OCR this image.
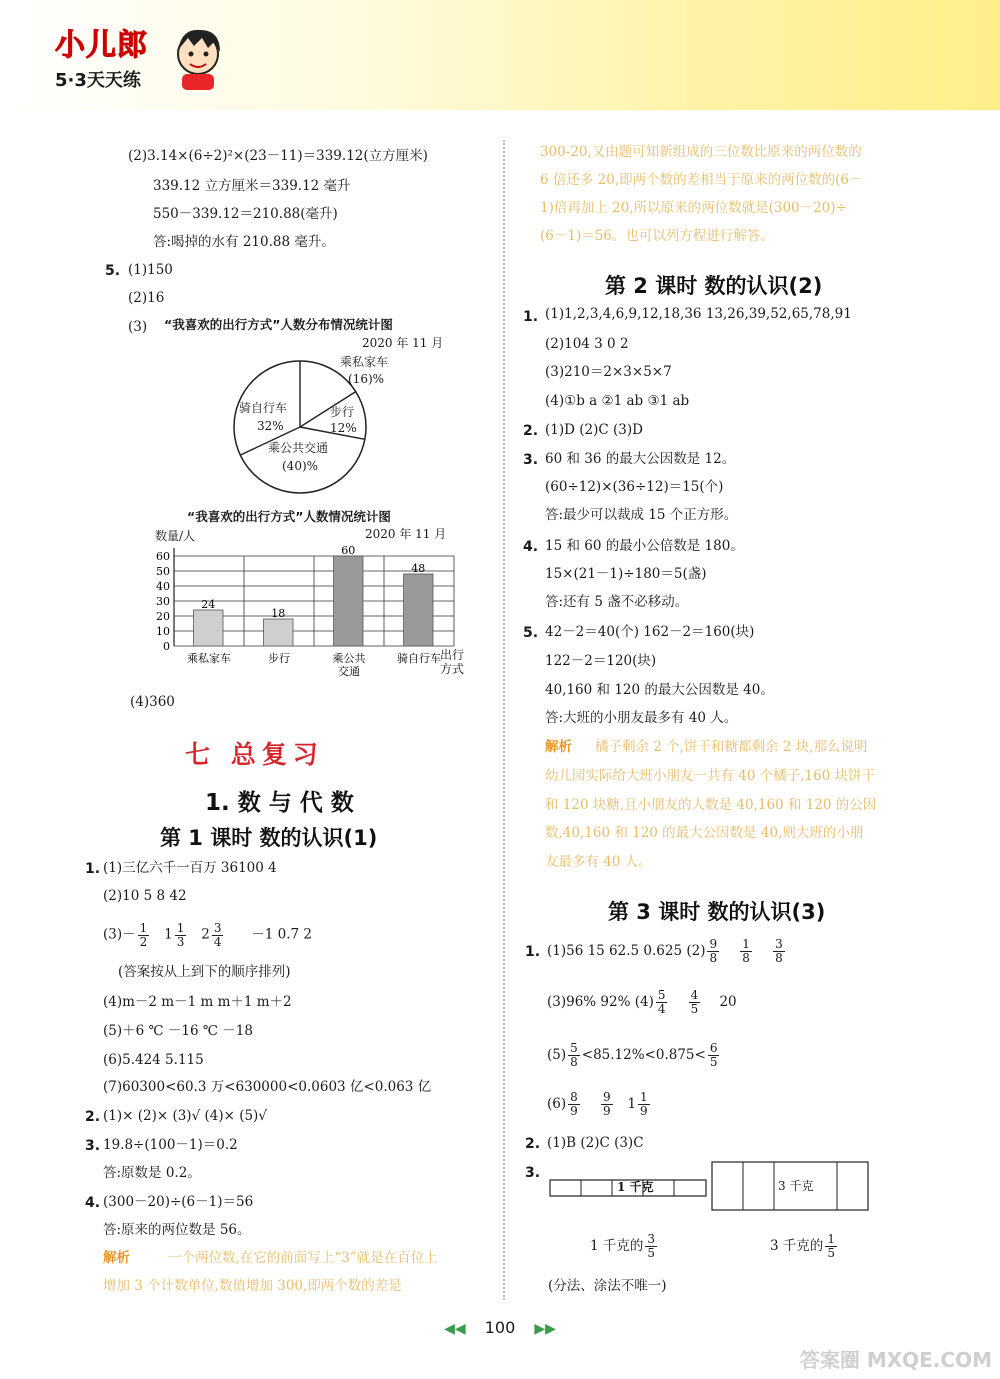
小儿郎
5·3天天练
(2)3.14×(6÷2)²×(23－11)＝339.12(立方厘米)
339.12 立方厘米＝339.12 毫升
550－339.12＝210.88(毫升)
答:喝掉的水有 210.88 毫升。
5. (1)150
(2)16
(3) “我喜欢的出行方式”人数分布情况统计图
2020 年 11 月
乘私家车
(16)%
骑自行车
32%
步行
12%
乘公共交通
(40)%
“我喜欢的出行方式”人数情况统计图
2020 年 11 月
数量/人
0
10
20
30
40
50
60
24
乘私家车
18
步行
60
乘公共
交通
48
骑自行车 出行
方式
(4)360
七 总复习
1. 数 与 代 数
第 1 课时 数的认识(1)
1. (1)三亿六千一百万 36100 4
(2)10 5 8 42
$(3)- \frac{1}{2} 1 \frac{1}{3} 2 \frac{3}{4} -1$ 0.7 2
(答案按从上到下的顺序排列)
(4)m－2 m－1 m m＋1 m＋2
(5)＋6 ℃ －16 ℃ －18
(6)5.424 5.115
(7)60300<60.3 万<630000<0.0603 亿<0.063 亿
2. (1)× (2)× (3)√ (4)× (5)√
3. 19.8÷(100－1)＝0.2
答:原数是 0.2。
4. (300－20)÷(6－1)＝56
答:原来的两位数是 56。
解析	一个两位数,在它的前面写上“3”就是在百位上
增加 3 个计数单位,数值增加 300,即两个数的差是
300-20,又由题可知新组成的三位数比原来的两位数的
6 倍还多 20,即两个数的差相当于原来的两位数的(6－
1)倍再加上 20,所以原来的两位数就是(300－20)÷
(6－1)＝56。也可以列方程进行解答。
第 2 课时 数的认识(2)
1. (1)1,2,3,4,6,9,12,18,36 13,26,39,52,65,78,91
(2)104 3 0 2
(3)210＝2×3×5×7
(4)①b a ②1 ab ③1 ab
2. (1)D (2)C (3)D
3. 60 和 36 的最大公因数是 12。
(60÷12)×(36÷12)＝15(个)
答:最少可以裁成 15 个正方形。
4. 15 和 60 的最小公倍数是 180。
15×(21－1)÷180＝5(盏)
答:还有 5 盏不必移动。
5. 42－2＝40(个) 162－2＝160(块)
122－2＝120(块)
40,160 和 120 的最大公因数是 40。
答:大班的小朋友最多有 40 人。
解析 橘子剩余 2 个,饼干和糖都剩余 2 块,那么说明
幼儿园实际给大班小朋友一共有 40 个橘子,160 块饼干
和 120 块糖,且小朋友的人数是 40,160 和 120 的公因
数,40,160 和 120 的最大公因数是 40,则大班的小朋
友最多有 40 人。
第 3 课时 数的认识(3)
1. (1)56 15 62.5 0.625 $(2) \frac{9}{8}$
$\frac{1}{8}$
$\frac{3}{8}$
(3)96% 92% $(4) \frac{5}{4}$
$\frac{4}{5} 20$
$(5) \frac{5}{8} <85.12\%<0.875< \frac{6}{5}$
$(6) \frac{8}{9}$
$\frac{9}{9} 1 \frac{1}{9}$
2. (1)B (2)C (3)C
3.
1 千克	3 千克
1 千克的 $\frac{3}{5}$	3 千克的 $\frac{1}{5}$
(分法、涂法不唯一)
◀◀ 100 ▶▶
答案圈 MXQE.COM
